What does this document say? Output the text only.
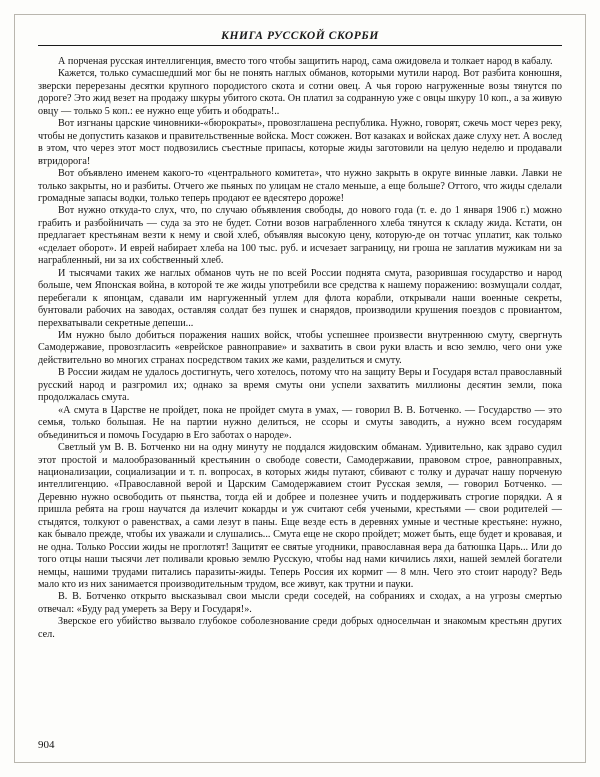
КНИГА РУССКОЙ СКОРБИ

А порченая русская интеллигенция, вместо того чтобы защитить народ, сама ожидовела и толкает народ в кабалу.

Кажется, только сумасшедший мог бы не понять наглых обманов, которыми мутили народ. Вот разбита конюшня, зверски перерезаны десятки крупного породистого скота и сотни овец. А чья горою нагруженные возы тянутся по дороге? Это жид везет на продажу шкуры убитого скота. Он платил за содранную уже с овцы шкуру 10 коп., а за живую овцу — только 5 коп.: ее нужно еще убить и ободрать!..

Вот изгнаны царские чиновники-«бюрократы», провозглашена республика. Нужно, говорят, сжечь мост через реку, чтобы не допустить казаков и правительственные войска. Мост сожжен. Вот казаках и войсках даже слуху нет. А вослед в этом, что через этот мост подвозились съестные припасы, которые жиды заготовили на целую неделю и продавали втридорога!

Вот объявлено именем какого-то «центрального комитета», что нужно закрыть в округе винные лавки. Лавки не только закрыты, но и разбиты. Отчего же пьяных по улицам не стало меньше, а еще больше? Оттого, что жиды сделали громадные запасы водки, только теперь продают ее вдесятеро дороже!

Вот нужно откуда-то слух, что, по случаю объявления свободы, до нового года (т. е. до 1 января 1906 г.) можно грабить и разбойничать — суда за это не будет. Сотни возов награбленного хлеба тянутся к складу жида. Кстати, он предлагает крестьянам везти к нему и свой хлеб, объявляя высокую цену, которую-де он тотчас уплатит, как только «сделает оборот». И еврей набирает хлеба на 100 тыс. руб. и исчезает заграницу, ни гроша не заплатив мужикам ни за награбленный, ни за их собственный хлеб.

И тысячами таких же наглых обманов чуть не по всей России поднята смута, разорившая государство и народ больше, чем Японская война, в которой те же жиды употребили все средства к нашему поражению: возмущали солдат, перебегали к японцам, сдавали им наргуженный углем для флота корабли, открывали наши военные секреты, бунтовали рабочих на заводах, оставляя солдат без пушек и снарядов, производили крушения поездов с провиантом, перехватывали секретные депеши...

Им нужно было добиться поражения наших войск, чтобы успешнее произвести внутреннюю смуту, свергнуть Самодержавие, провозгласить «еврейское равноправие» и захватить в свои руки власть и всю землю, чего они уже действительно во многих странах посредством таких же ками, разделиться и смуту.

В России жидам не удалось достигнуть, чего хотелось, потому что на защиту Веры и Государя встал православный русский народ и разгромил их; однако за время смуты они успели захватить миллионы десятин земли, пока продолжалась смута.

«А смута в Царстве не пройдет, пока не пройдет смута в умах, — говорил В. В. Ботченко. — Государство — это семья, только большая. Не на партии нужно делиться, не ссоры и смуты заводить, а нужно всем государям объединиться и помочь Государю в Его заботах о народе».

Светлый ум В. В. Ботченко ни на одну минуту не поддался жидовским обманам. Удивительно, как здраво судил этот простой и малообразованный крестьянин о свободе совести, Самодержавии, правовом строе, равноправных, национализации, социализации и т. п. вопросах, в которых жиды путают, сбивают с толку и дурачат нашу порченую интеллигенцию. «Православной верой и Царским Самодержавием стоит Русская земля, — говорил Ботченко. — Деревню нужно освободить от пьянства, тогда ей и добрее и полезнее учить и поддерживать строгие порядки. А я пришла ребята на грош научатся да излечит кокарды и уж считают себя учеными, крестьями — свои родителей — стыдятся, толкуют о равенствах, а сами лезут в паны. Еще везде есть в деревнях умные и честные крестьяне: нужно, как бывало прежде, чтобы их уважали и слушались... Смута еще не скоро пройдет; может быть, еще будет и кровавая, и не одна. Только России жиды не проглотят! Защитят ее святые угодники, православная вера да батюшка Царь... Или до того отцы наши тысячи лет поливали кровью землю Русскую, чтобы над нами кичились ляхи, нашей землей богатели немцы, нашими трудами питались паразиты-жиды. Теперь Россия их кормит — 8 млн. Чего это стоит народу? Ведь мало кто из них занимается производительным трудом, все живут, как трутни и пауки.

В. В. Ботченко открыто высказывал свои мысли среди соседей, на собраниях и сходах, а на угрозы смертью отвечал: «Буду рад умереть за Веру и Государя!».

Зверское его убийство вызвало глубокое соболезнование среди добрых односельчан и знакомым крестьян других сел.

904
